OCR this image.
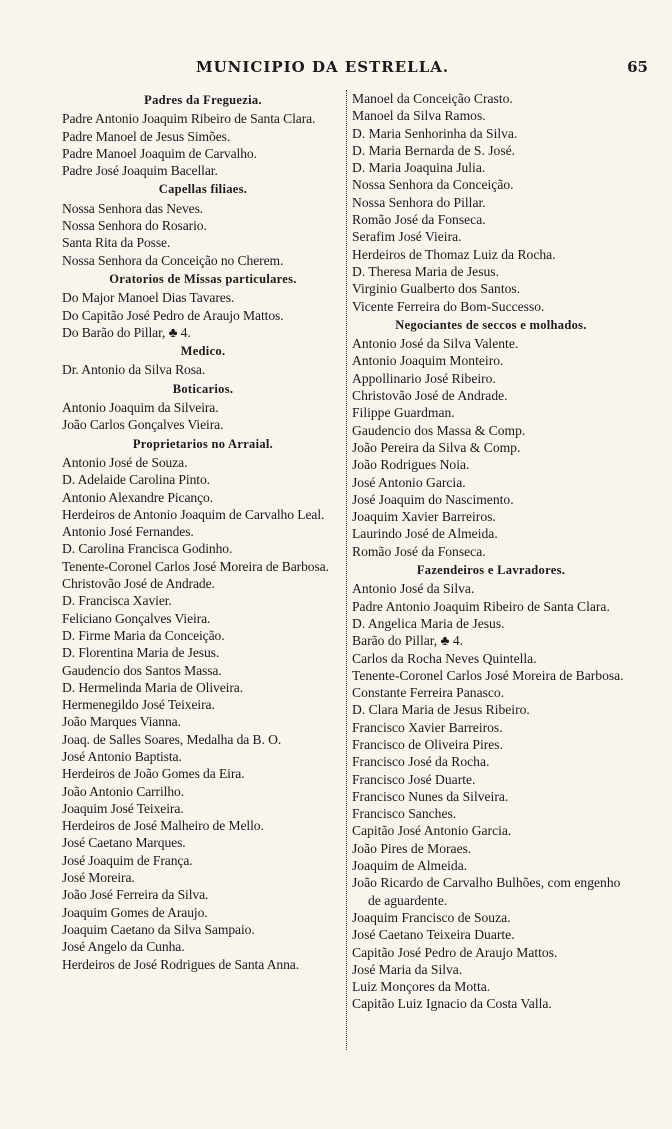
MUNICIPIO DA ESTRELLA.	65
Padres da Freguezia.
Padre Antonio Joaquim Ribeiro de Santa Clara.
Padre Manoel de Jesus Simões.
Padre Manoel Joaquim de Carvalho.
Padre José Joaquim Bacellar.
Capellas filiaes.
Nossa Senhora das Neves.
Nossa Senhora do Rosario.
Santa Rita da Posse.
Nossa Senhora da Conceição no Cherem.
Oratorios de Missas particulares.
Do Major Manoel Dias Tavares.
Do Capitão José Pedro de Araujo Mattos.
Do Barão do Pillar, ♣ 4.
Medico.
Dr. Antonio da Silva Rosa.
Boticarios.
Antonio Joaquim da Silveira.
João Carlos Gonçalves Vieira.
Proprietarios no Arraial.
Antonio José de Souza.
D. Adelaide Carolina Pinto.
Antonio Alexandre Picanço.
Herdeiros de Antonio Joaquim de Carvalho Leal.
Antonio José Fernandes.
D. Carolina Francisca Godinho.
Tenente-Coronel Carlos José Moreira de Barbosa.
Christovão José de Andrade.
D. Francisca Xavier.
Feliciano Gonçalves Vieira.
D. Firme Maria da Conceição.
D. Florentina Maria de Jesus.
Gaudencio dos Santos Massa.
D. Hermelinda Maria de Oliveira.
Hermenegildo José Teixeira.
João Marques Vianna.
Joaq. de Salles Soares, Medalha da B. O.
José Antonio Baptista.
Herdeiros de João Gomes da Eira.
João Antonio Carrilho.
Joaquim José Teixeira.
Herdeiros de José Malheiro de Mello.
José Caetano Marques.
José Joaquim de França.
José Moreira.
João José Ferreira da Silva.
Joaquim Gomes de Araujo.
Joaquim Caetano da Silva Sampaio.
José Angelo da Cunha.
Herdeiros de José Rodrigues de Santa Anna.
Manoel da Conceição Crasto.
Manoel da Silva Ramos.
D. Maria Senhorinha da Silva.
D. Maria Bernarda de S. José.
D. Maria Joaquina Julia.
Nossa Senhora da Conceição.
Nossa Senhora do Pillar.
Romão José da Fonseca.
Serafim José Vieira.
Herdeiros de Thomaz Luiz da Rocha.
D. Theresa Maria de Jesus.
Virginio Gualberto dos Santos.
Vicente Ferreira do Bom-Successo.
Negociantes de seccos e molhados.
Antonio José da Silva Valente.
Antonio Joaquim Monteiro.
Appollinario José Ribeiro.
Christovão José de Andrade.
Filippe Guardman.
Gaudencio dos Massa & Comp.
João Pereira da Silva & Comp.
João Rodrigues Noia.
José Antonio Garcia.
José Joaquim do Nascimento.
Joaquim Xavier Barreiros.
Laurindo José de Almeida.
Romão José da Fonseca.
Fazendeiros e Lavradores.
Antonio José da Silva.
Padre Antonio Joaquim Ribeiro de Santa Clara.
D. Angelica Maria de Jesus.
Barão do Pillar, ♣ 4.
Carlos da Rocha Neves Quintella.
Tenente-Coronel Carlos José Moreira de Barbosa.
Constante Ferreira Panasco.
D. Clara Maria de Jesus Ribeiro.
Francisco Xavier Barreiros.
Francisco de Oliveira Pires.
Francisco José da Rocha.
Francisco José Duarte.
Francisco Nunes da Silveira.
Francisco Sanches.
Capitão José Antonio Garcia.
João Pires de Moraes.
Joaquim de Almeida.
João Ricardo de Carvalho Bulhões, com engenho de aguardente.
Joaquim Francisco de Souza.
José Caetano Teixeira Duarte.
Capitão José Pedro de Araujo Mattos.
José Maria da Silva.
Luiz Monçores da Motta.
Capitão Luiz Ignacio da Costa Valla.
